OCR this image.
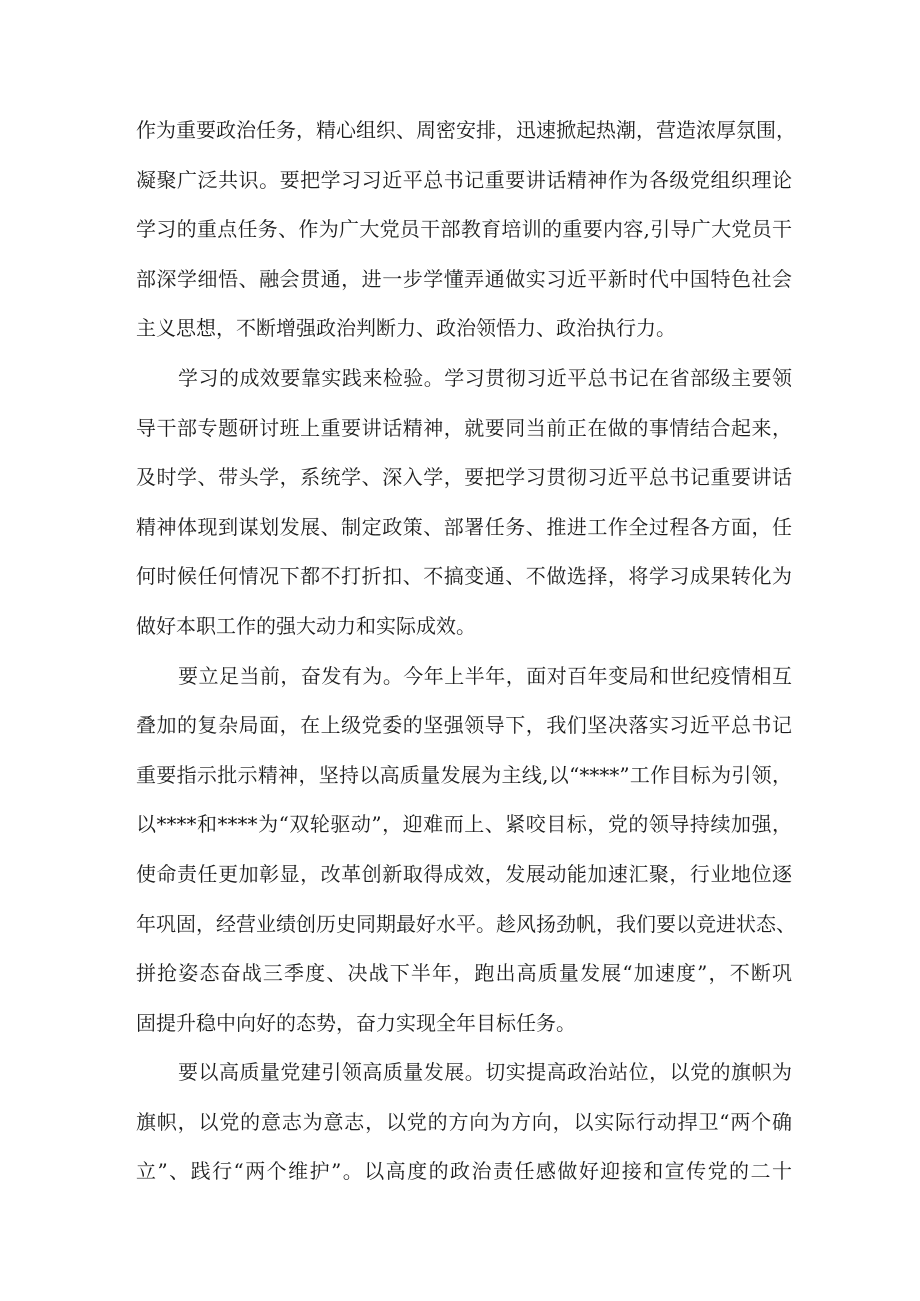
作为重要政治任务，精心组织、周密安排，迅速掀起热潮，营造浓厚氛围，
凝聚广泛共识。要把学习习近平总书记重要讲话精神作为各级党组织理论
学习的重点任务、作为广大党员干部教育培训的重要内容,引导广大党员干
部深学细悟、融会贯通，进一步学懂弄通做实习近平新时代中国特色社会
主义思想，不断增强政治判断力、政治领悟力、政治执行力。
学习的成效要靠实践来检验。学习贯彻习近平总书记在省部级主要领
导干部专题研讨班上重要讲话精神，就要同当前正在做的事情结合起来，
及时学、带头学，系统学、深入学，要把学习贯彻习近平总书记重要讲话
精神体现到谋划发展、制定政策、部署任务、推进工作全过程各方面，任
何时候任何情况下都不打折扣、不搞变通、不做选择，将学习成果转化为
做好本职工作的强大动力和实际成效。
要立足当前，奋发有为。今年上半年，面对百年变局和世纪疫情相互
叠加的复杂局面，在上级党委的坚强领导下，我们坚决落实习近平总书记
重要指示批示精神，坚持以高质量发展为主线,以“****”工作目标为引领，
以****和****为“双轮驱动”，迎难而上、紧咬目标，党的领导持续加强，
使命责任更加彰显，改革创新取得成效，发展动能加速汇聚，行业地位逐
年巩固，经营业绩创历史同期最好水平。趁风扬劲帆，我们要以竞进状态、
拼抢姿态奋战三季度、决战下半年，跑出高质量发展“加速度”，不断巩
固提升稳中向好的态势，奋力实现全年目标任务。
要以高质量党建引领高质量发展。切实提高政治站位，以党的旗帜为
旗帜，以党的意志为意志，以党的方向为方向，以实际行动捍卫“两个确
立”、践行“两个维护”。以高度的政治责任感做好迎接和宣传党的二十
